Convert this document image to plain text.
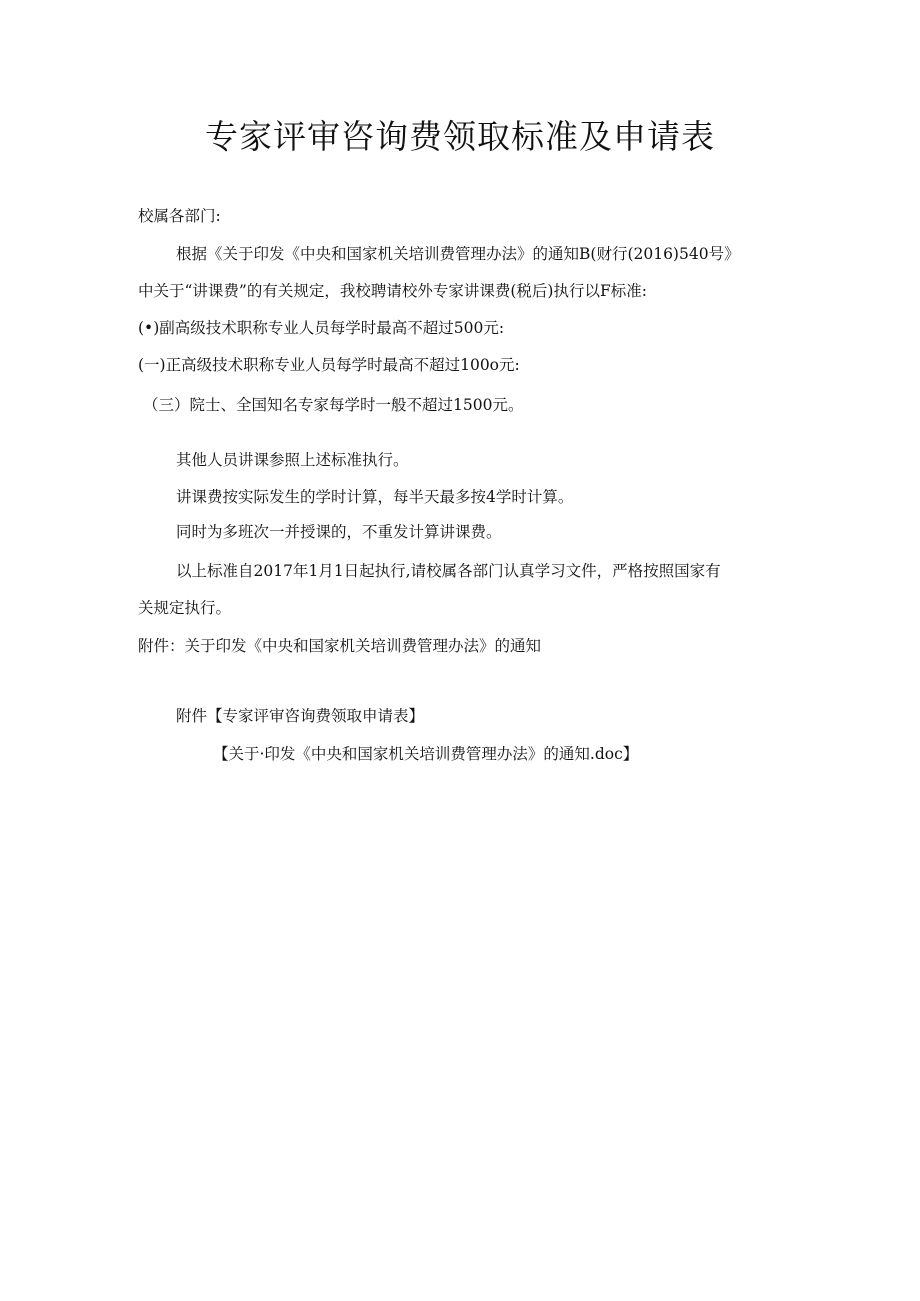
专家评审咨询费领取标准及申请表
校属各部门:
根据《关于印发《中央和国家机关培训费管理办法》的通知B(财行(2016)540号》
中关于“讲课费”的有关规定，我校聘请校外专家讲课费(税后)执行以F标准:
(•)副高级技术职称专业人员每学时最高不超过500元:
(一)正高级技术职称专业人员每学时最高不超过100o元:
（三）院士、全国知名专家每学时一般不超过1500元。
其他人员讲课参照上述标准执行。
讲课费按实际发生的学时计算，每半天最多按4学时计算。
同时为多班次一并授课的，不重发计算讲课费。
以上标准自2017年1月1日起执行,请校属各部门认真学习文件，严格按照国家有
关规定执行。
附件：关于印发《中央和国家机关培训费管理办法》的通知
附件【专家评审咨询费领取申请表】
【关于·印发《中央和国家机关培训费管理办法》的通知.doc】
